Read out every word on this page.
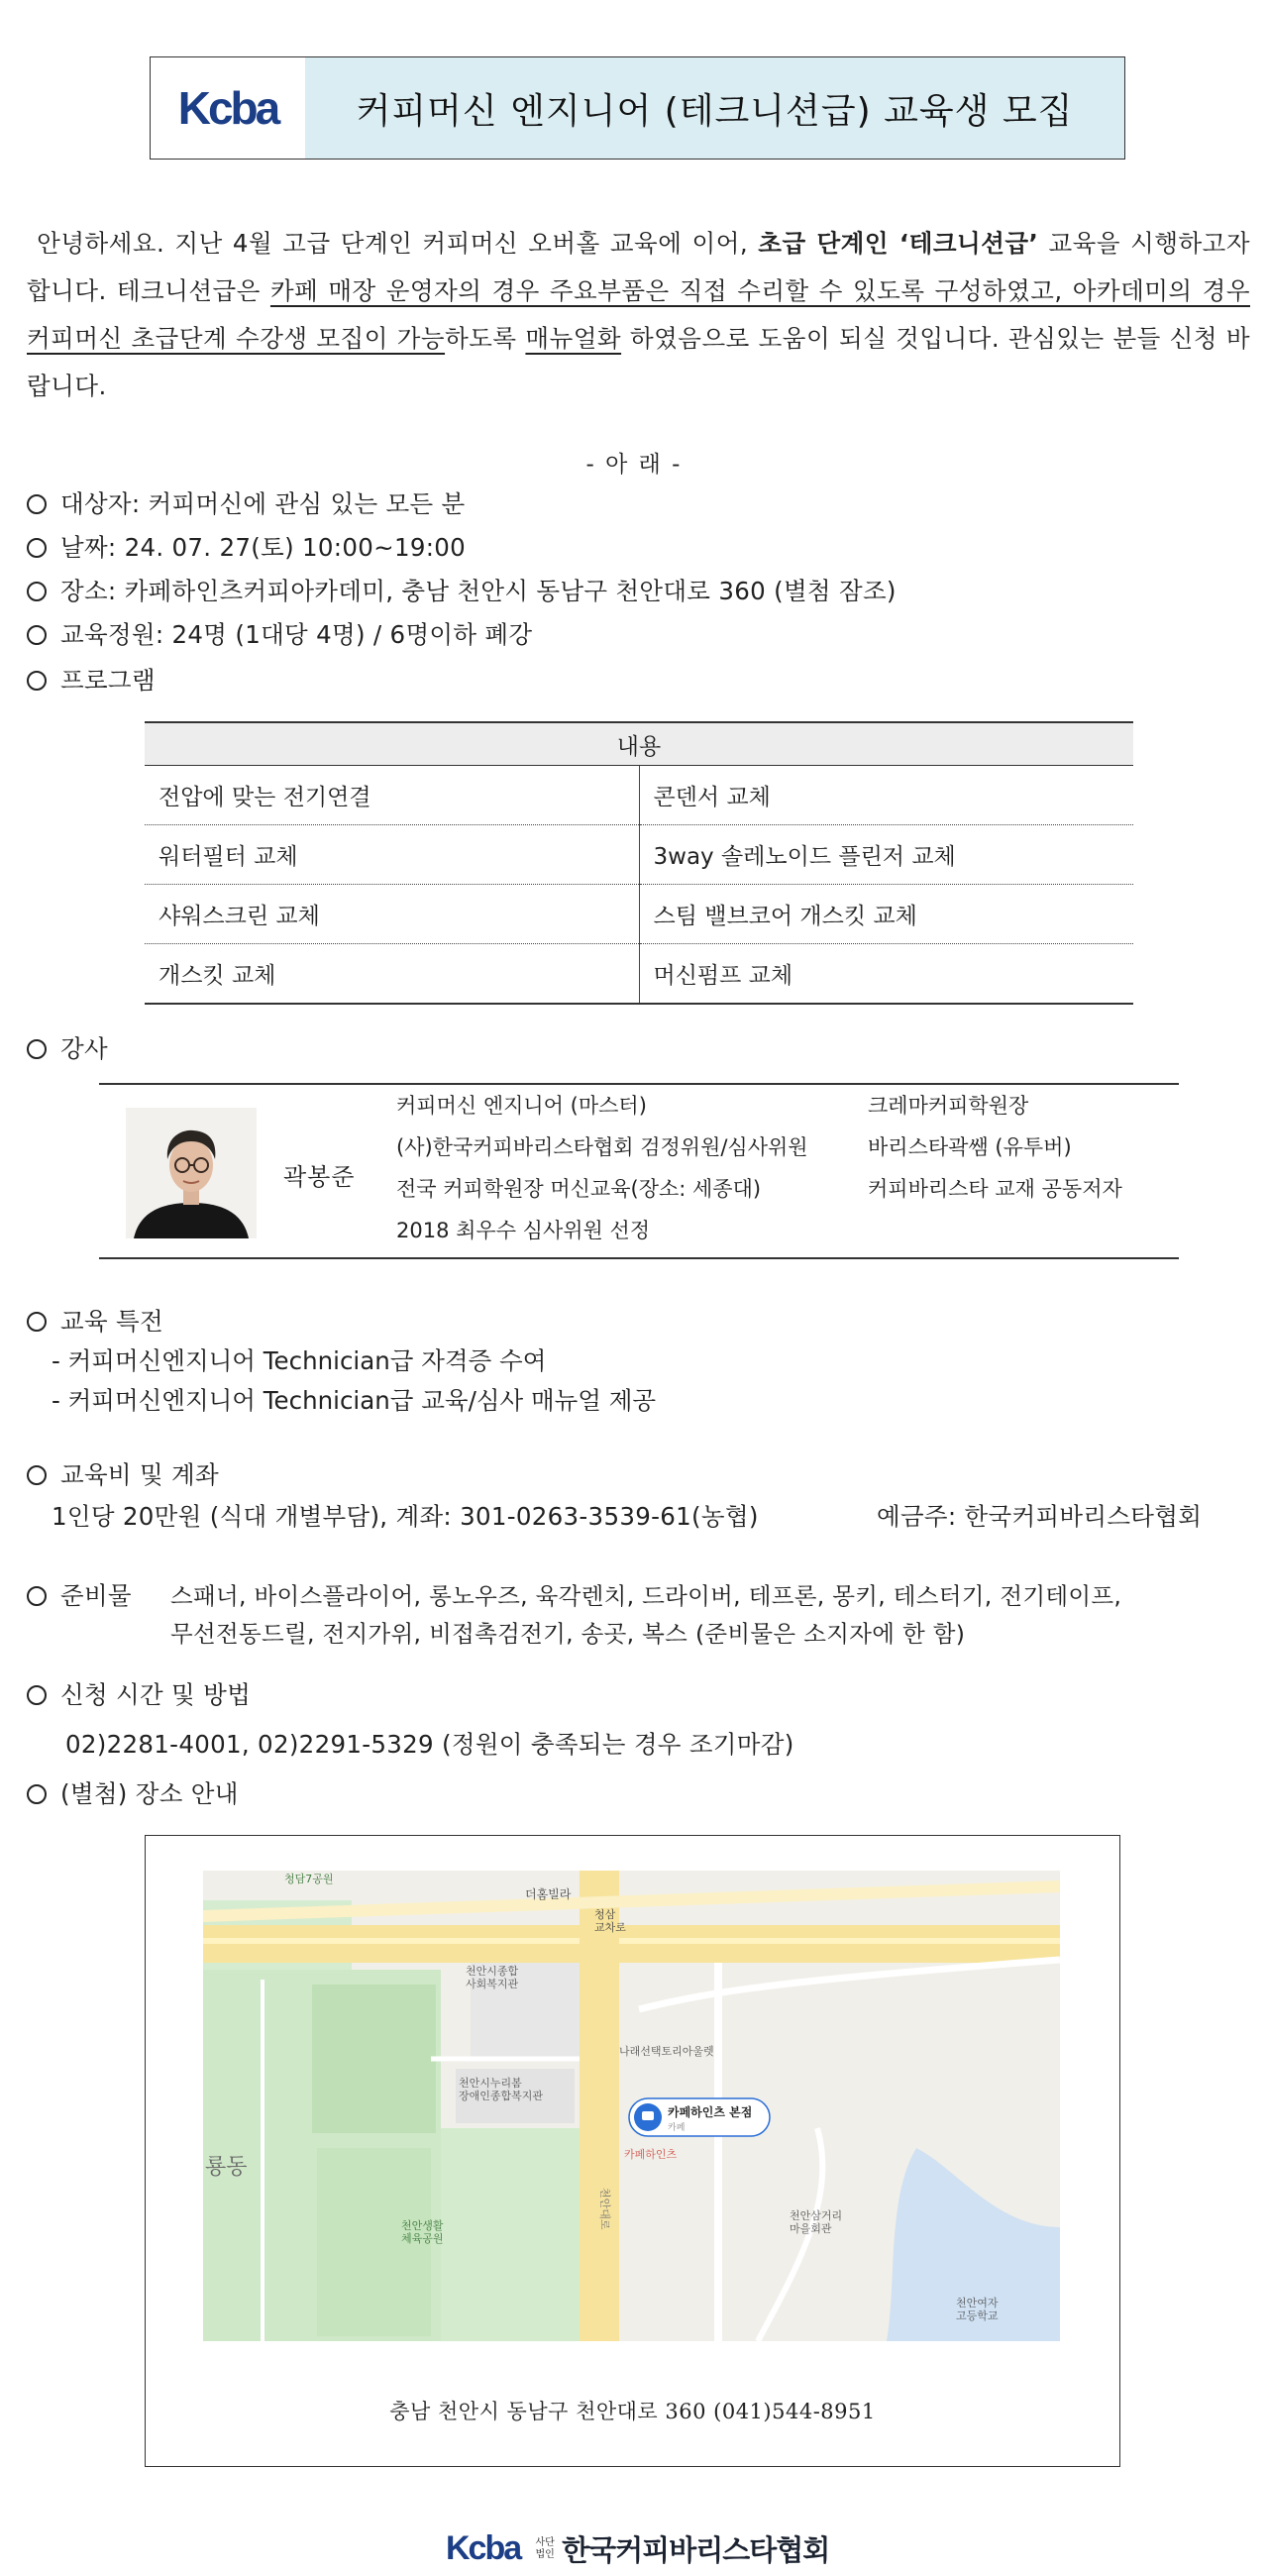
Kcba 커피머신 엔지니어 (테크니션급) 교육생 모집
안녕하세요. 지난 4월 고급 단계인 커피머신 오버홀 교육에 이어, 초급 단계인 ‘테크니션급’ 교육을 시행하고자 합니다. 테크니션급은 카페 매장 운영자의 경우 주요부품은 직접 수리할 수 있도록 구성하였고, 아카데미의 경우 커피머신 초급단계 수강생 모집이 가능하도록 매뉴얼화 하였음으로 도움이 되실 것입니다. 관심있는 분들 신청 바랍니다.
- 아 래 -
대상자: 커피머신에 관심 있는 모든 분
날짜: 24. 07. 27(토) 10:00~19:00
장소: 카페하인츠커피아카데미, 충남 천안시 동남구 천안대로 360 (별첨 잠조)
교육정원: 24명 (1대당 4명) / 6명이하 폐강
프로그램
내용	
전압에 맞는 전기연결	콘덴서 교체
워터필터 교체	3way 솔레노이드 플린저 교체
샤워스크린 교체	스팀 밸브코어 개스킷 교체
개스킷 교체	머신펌프 교체
강사
곽봉준
커피머신 엔지니어 (마스터)
(사)한국커피바리스타협회 검정위원/심사위원
전국 커피학원장 머신교육(장소: 세종대)
2018 최우수 심사위원 선정
크레마커피학원장
바리스타곽쌤 (유투버)
커피바리스타 교재 공동저자
교육 특전
- 커피머신엔지니어 Technician급 자격증 수여
- 커피머신엔지니어 Technician급 교육/심사 매뉴얼 제공
교육비 및 계좌
1인당 20만원 (식대 개별부담), 계좌: 301-0263-3539-61(농협)	예금주: 한국커피바리스타협회
준비물 스패너, 바이스플라이어, 롱노우즈, 육각렌치, 드라이버, 테프론, 몽키, 테스터기, 전기테이프,
무선전동드릴, 전지가위, 비접촉검전기, 송곳, 복스 (준비물은 소지자에 한 함)
신청 시간 및 방법
02)2281-4001, 02)2291-5329 (정원이 충족되는 경우 조기마감)
(별첨) 장소 안내
청담7공원
더홈빌라
청삼 교차로
천안시종합 사회복지관
천안시누리봄 장애인종합복지관
나래선택토리아울렛
천안생활 체육공원
천안삼거리 마을회관
천안여자 고등학교
룡동
천안대로
카페하인츠
카페하인츠 본점
카페
충남 천안시 동남구 천안대로 360 (041)544-8951
Kcba 사단
법인 한국커피바리스타협회
